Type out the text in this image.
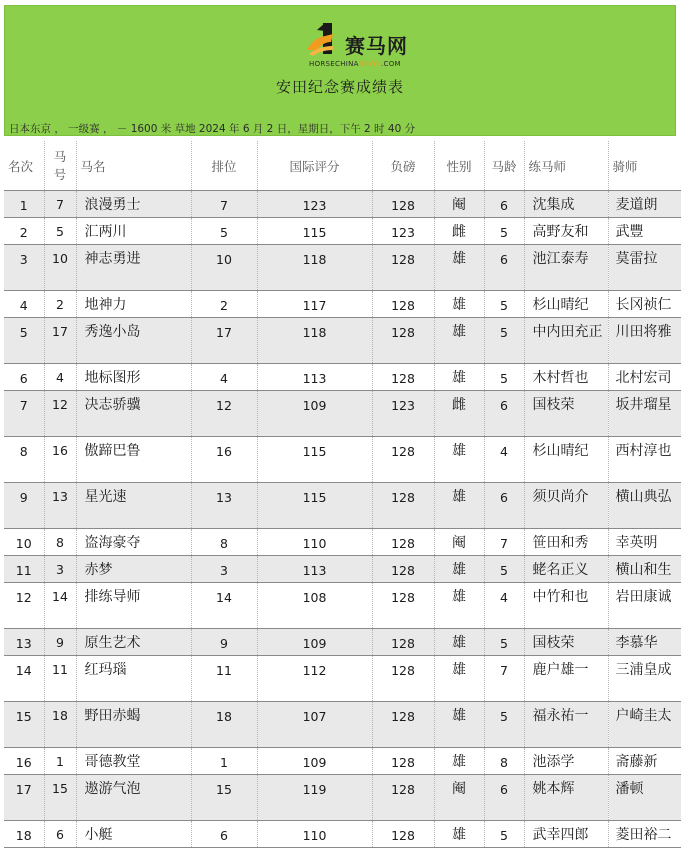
赛马网
HORSECHINANEWS.COM
安田纪念赛成绩表
日本东京 ， 一级赛 ， － 1600 米 草地 2024 年 6 月 2 日，星期日，下午 2 时 40 分
名次	马号	马名	排位	国际评分	负磅	性别	马龄	练马师	骑师
1	7	浪漫勇士	7	123	128	阉	6	沈集成	麦道朗
2	5	汇两川	5	115	123	雌	5	高野友和	武豐
3	10	神志勇进	10	118	128	雄	6	池江泰寿	莫雷拉
4	2	地神力	2	117	128	雄	5	杉山晴纪	长冈祯仁
5	17	秀逸小岛	17	118	128	雄	5	中内田充正	川田将雅
6	4	地标图形	4	113	128	雄	5	木村哲也	北村宏司
7	12	决志骄骥	12	109	123	雌	6	国枝荣	坂井瑠星
8	16	傲蹄巴鲁	16	115	128	雄	4	杉山晴纪	西村淳也
9	13	星光速	13	115	128	雄	6	须贝尚介	横山典弘
10	8	盗海豪夺	8	110	128	阉	7	笹田和秀	幸英明
11	3	赤梦	3	113	128	雄	5	蛯名正义	横山和生
12	14	排练导师	14	108	128	雄	4	中竹和也	岩田康诚
13	9	原生艺术	9	109	128	雄	5	国枝荣	李慕华
14	11	红玛瑙	11	112	128	雄	7	鹿户雄一	三浦皇成
15	18	野田赤蝎	18	107	128	雄	5	福永祐一	户崎圭太
16	1	哥德教堂	1	109	128	雄	8	池添学	斋藤新
17	15	遨游气泡	15	119	128	阉	6	姚本辉	潘顿
18	6	小艇	6	110	128	雄	5	武幸四郎	菱田裕二
